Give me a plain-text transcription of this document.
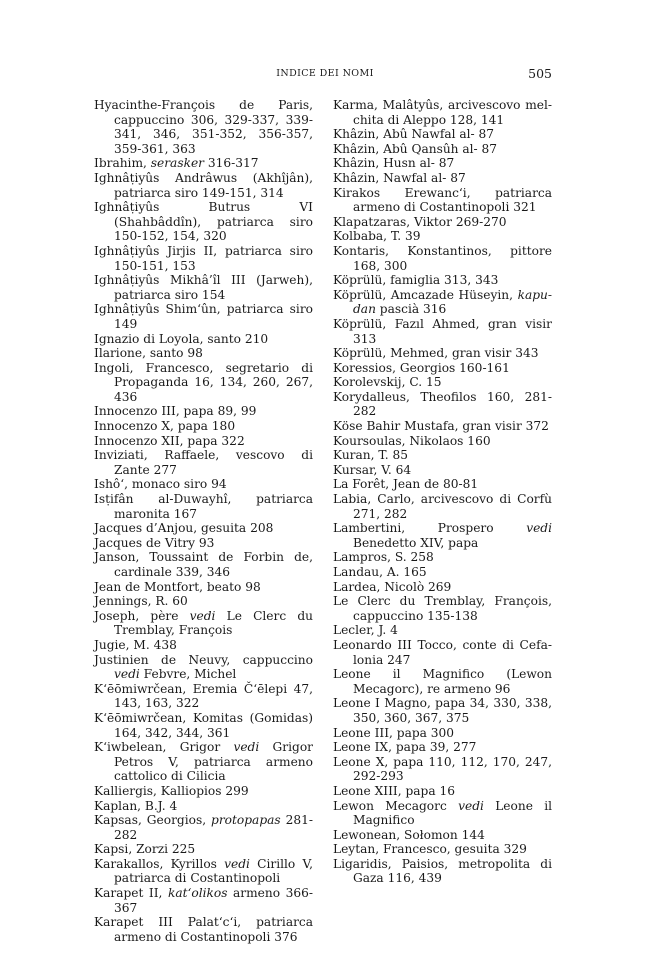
INDICE DEI NOMI	505
Hyacinthe-François de Paris, cappuccino 306, 329-337, 339-341, 346, 351-352, 356-357, 359-361, 363
Ibrahim, serasker 316-317
Ighnâṭiyûs Andrâwus (Akhîjân), patriarca siro 149-151, 314
Ighnâṭiyûs Butrus VI (Shahbâddîn), patriarca siro 150-152, 154, 320
Ighnâṭiyûs Jirjis II, patriarca siro 150-151, 153
Ighnâṭiyûs Mikhâ’îl III (Jarweh), patriarca siro 154
Ighnâṭiyûs Shim‘ûn, patriarca siro 149
Ignazio di Loyola, santo 210
Ilarione, santo 98
Ingoli, Francesco, segretario di Propaganda 16, 134, 260, 267, 436
Innocenzo III, papa 89, 99
Innocenzo X, papa 180
Innocenzo XII, papa 322
Inviziati, Raffaele, vescovo di Zante 277
Ishô‘, monaco siro 94
Isṭifân al-Duwayhî, patriarca maronita 167
Jacques d’Anjou, gesuita 208
Jacques de Vitry 93
Janson, Toussaint de Forbin de, cardinale 339, 346
Jean de Montfort, beato 98
Jennings, R. 60
Joseph, père vedi Le Clerc du Tremblay, François
Jugie, M. 438
Justinien de Neuvy, cappuccino vedi Febvre, Michel
K‘ēōmiwrčean, Eremia Č‘ēlepi 47, 143, 163, 322
K‘ēōmiwrčean, Komitas (Gomidas) 164, 342, 344, 361
K‘iwbelean, Grigor vedi Grigor Petros V, patriarca armeno cattolico di Cilicia
Kalliergis, Kalliopios 299
Kaplan, B.J. 4
Kapsas, Georgios, protopapas 281-282
Kapsi, Zorzi 225
Karakallos, Kyrillos vedi Cirillo V, patriarca di Costantinopoli
Karapet II, kat‘olikos armeno 366-367
Karapet III Palat‘c‘i, patriarca armeno di Costantinopoli 376
Karma, Malâtyûs, arcivescovo melchita di Aleppo 128, 141
Khâzin, Abû Nawfal al- 87
Khâzin, Abû Qansûh al- 87
Khâzin, Husn al- 87
Khâzin, Nawfal al- 87
Kirakos Erewanc‘i, patriarca armeno di Costantinopoli 321
Klapatzaras, Viktor 269-270
Kolbaba, T. 39
Kontaris, Konstantinos, pittore 168, 300
Köprülü, famiglia 313, 343
Köprülü, Amcazade Hüseyin, kapudan pascià 316
Köprülü, Fazıl Ahmed, gran visir 313
Köprülü, Mehmed, gran visir 343
Koressios, Georgios 160-161
Korolevskij, C. 15
Korydalleus, Theofilos 160, 281-282
Köse Bahir Mustafa, gran visir 372
Koursoulas, Nikolaos 160
Kuran, T. 85
Kursar, V. 64
La Forêt, Jean de 80-81
Labia, Carlo, arcivescovo di Corfù 271, 282
Lambertini, Prospero vedi Benedetto XIV, papa
Lampros, S. 258
Landau, A. 165
Lardea, Nicolò 269
Le Clerc du Tremblay, François, cappuccino 135-138
Lecler, J. 4
Leonardo III Tocco, conte di Cefalonia 247
Leone il Magnifico (Lewon Mecagorc), re armeno 96
Leone I Magno, papa 34, 330, 338, 350, 360, 367, 375
Leone III, papa 300
Leone IX, papa 39, 277
Leone X, papa 110, 112, 170, 247, 292-293
Leone XIII, papa 16
Lewon Mecagorc vedi Leone il Magnifico
Lewonean, Sołomon 144
Leytan, Francesco, gesuita 329
Ligaridis, Paisios, metropolita di Gaza 116, 439
